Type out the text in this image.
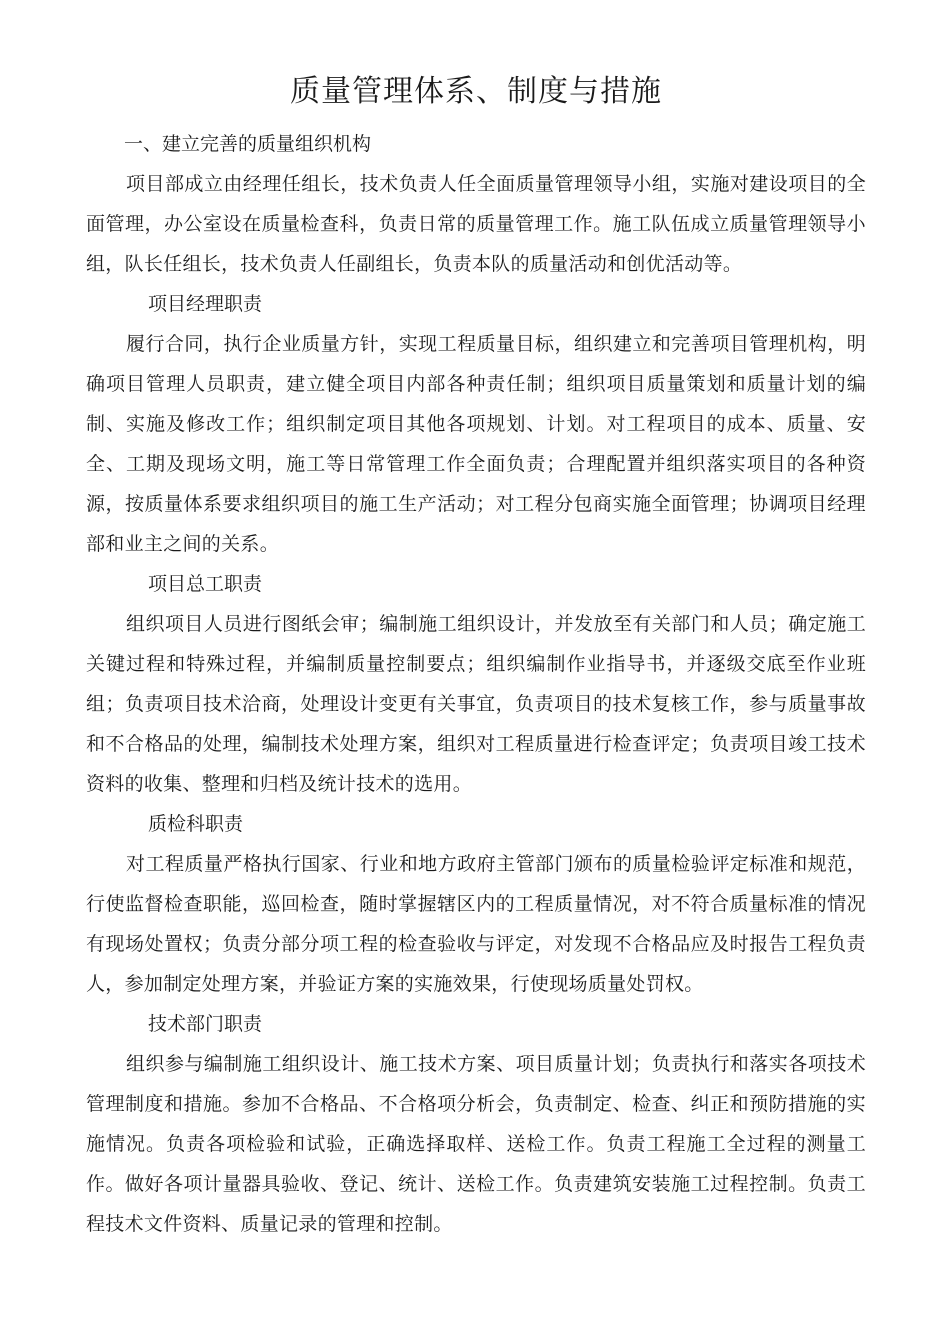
质量管理体系、制度与措施

一、建立完善的质量组织机构

项目部成立由经理任组长，技术负责人任全面质量管理领导小组，实施对建设项目的全面管理，办公室设在质量检查科，负责日常的质量管理工作。施工队伍成立质量管理领导小组，队长任组长，技术负责人任副组长，负责本队的质量活动和创优活动等。

项目经理职责

履行合同，执行企业质量方针，实现工程质量目标，组织建立和完善项目管理机构，明确项目管理人员职责，建立健全项目内部各种责任制；组织项目质量策划和质量计划的编制、实施及修改工作；组织制定项目其他各项规划、计划。对工程项目的成本、质量、安全、工期及现场文明，施工等日常管理工作全面负责；合理配置并组织落实项目的各种资源，按质量体系要求组织项目的施工生产活动；对工程分包商实施全面管理；协调项目经理部和业主之间的关系。

项目总工职责

组织项目人员进行图纸会审；编制施工组织设计，并发放至有关部门和人员；确定施工关键过程和特殊过程，并编制质量控制要点；组织编制作业指导书，并逐级交底至作业班组；负责项目技术洽商，处理设计变更有关事宜，负责项目的技术复核工作，参与质量事故和不合格品的处理，编制技术处理方案，组织对工程质量进行检查评定；负责项目竣工技术资料的收集、整理和归档及统计技术的选用。

质检科职责

对工程质量严格执行国家、行业和地方政府主管部门颁布的质量检验评定标准和规范，行使监督检查职能，巡回检查，随时掌握辖区内的工程质量情况，对不符合质量标准的情况有现场处置权；负责分部分项工程的检查验收与评定，对发现不合格品应及时报告工程负责人，参加制定处理方案，并验证方案的实施效果，行使现场质量处罚权。

技术部门职责

组织参与编制施工组织设计、施工技术方案、项目质量计划；负责执行和落实各项技术管理制度和措施。参加不合格品、不合格项分析会，负责制定、检查、纠正和预防措施的实施情况。负责各项检验和试验，正确选择取样、送检工作。负责工程施工全过程的测量工作。做好各项计量器具验收、登记、统计、送检工作。负责建筑安装施工过程控制。负责工程技术文件资料、质量记录的管理和控制。
